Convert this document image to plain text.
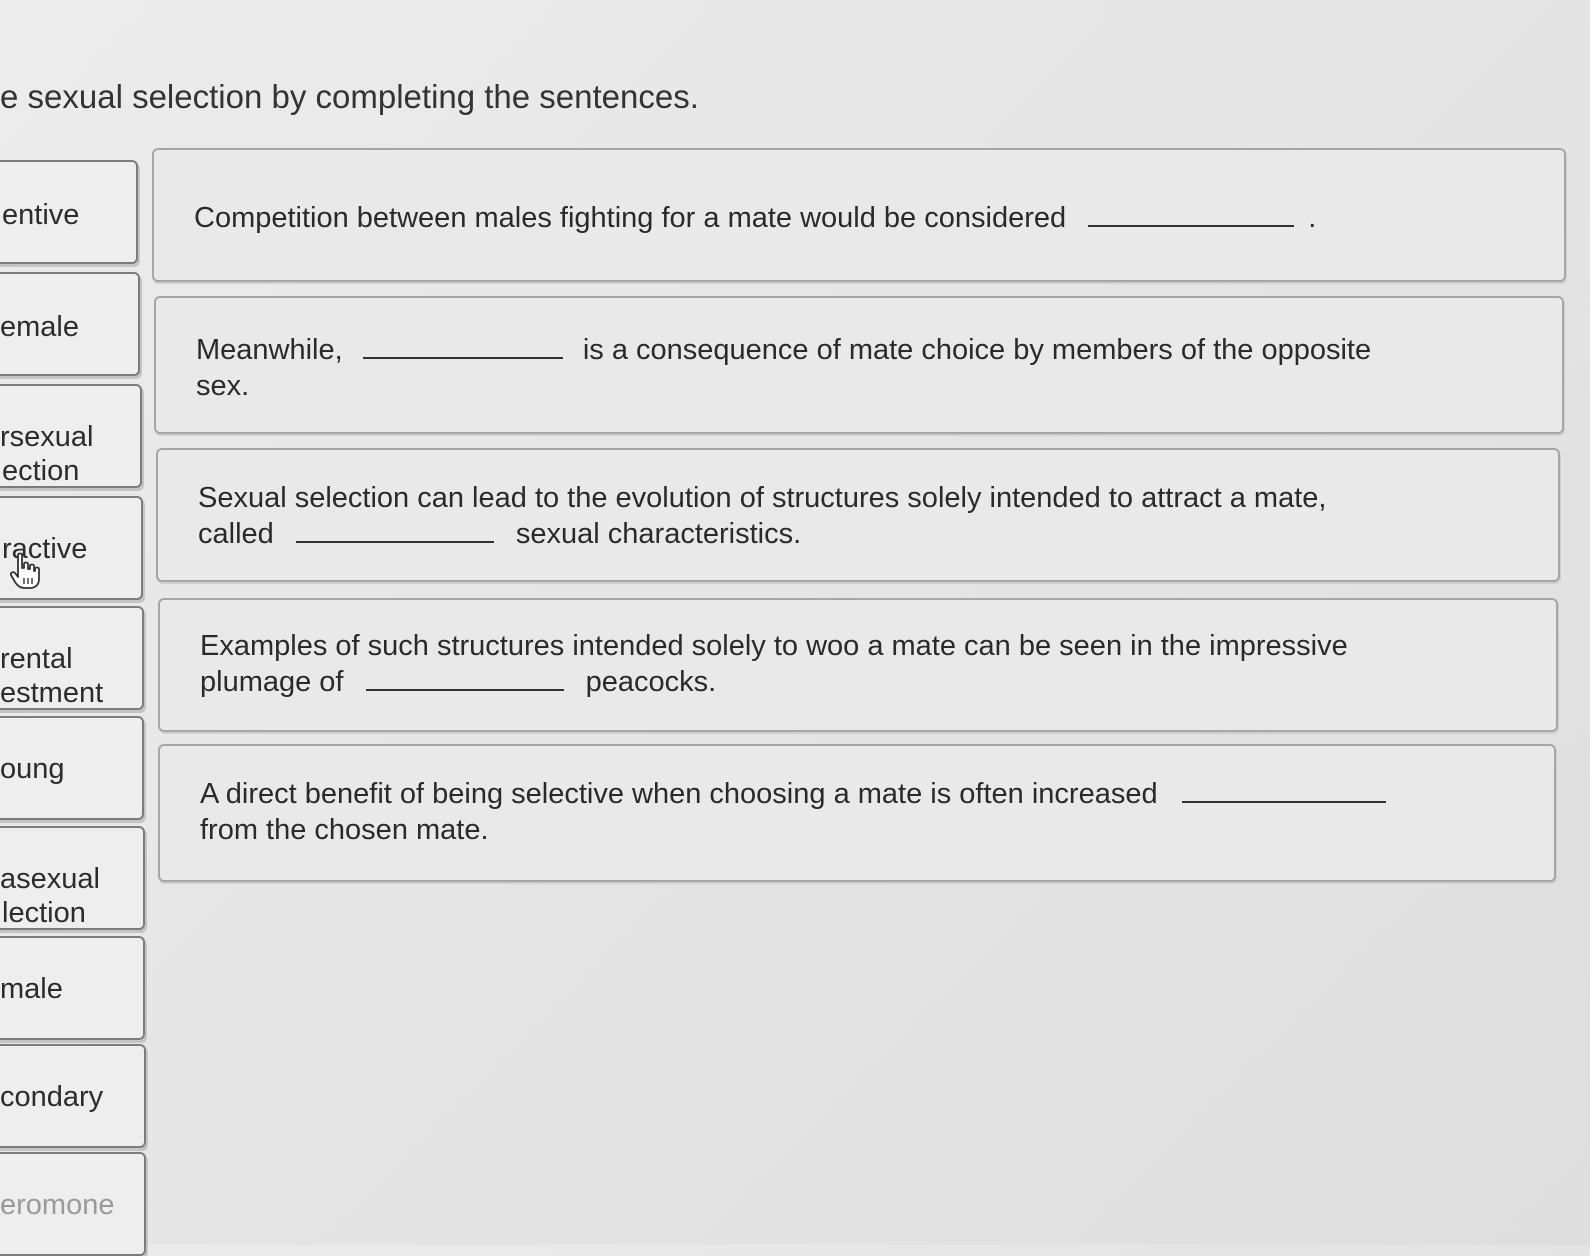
e sexual selection by completing the sentences.
entive
emale
rsexual
ection
ractive
rental
estment
oung
asexual
lection
male
condary
eromone
Competition between males fighting for a mate would be considered	.
Meanwhile,	is a consequence of mate choice by members of the opposite
sex.
Sexual selection can lead to the evolution of structures solely intended to attract a mate,
called	sexual characteristics.
Examples of such structures intended solely to woo a mate can be seen in the impressive
plumage of	peacocks.
A direct benefit of being selective when choosing a mate is often increased
from the chosen mate.
